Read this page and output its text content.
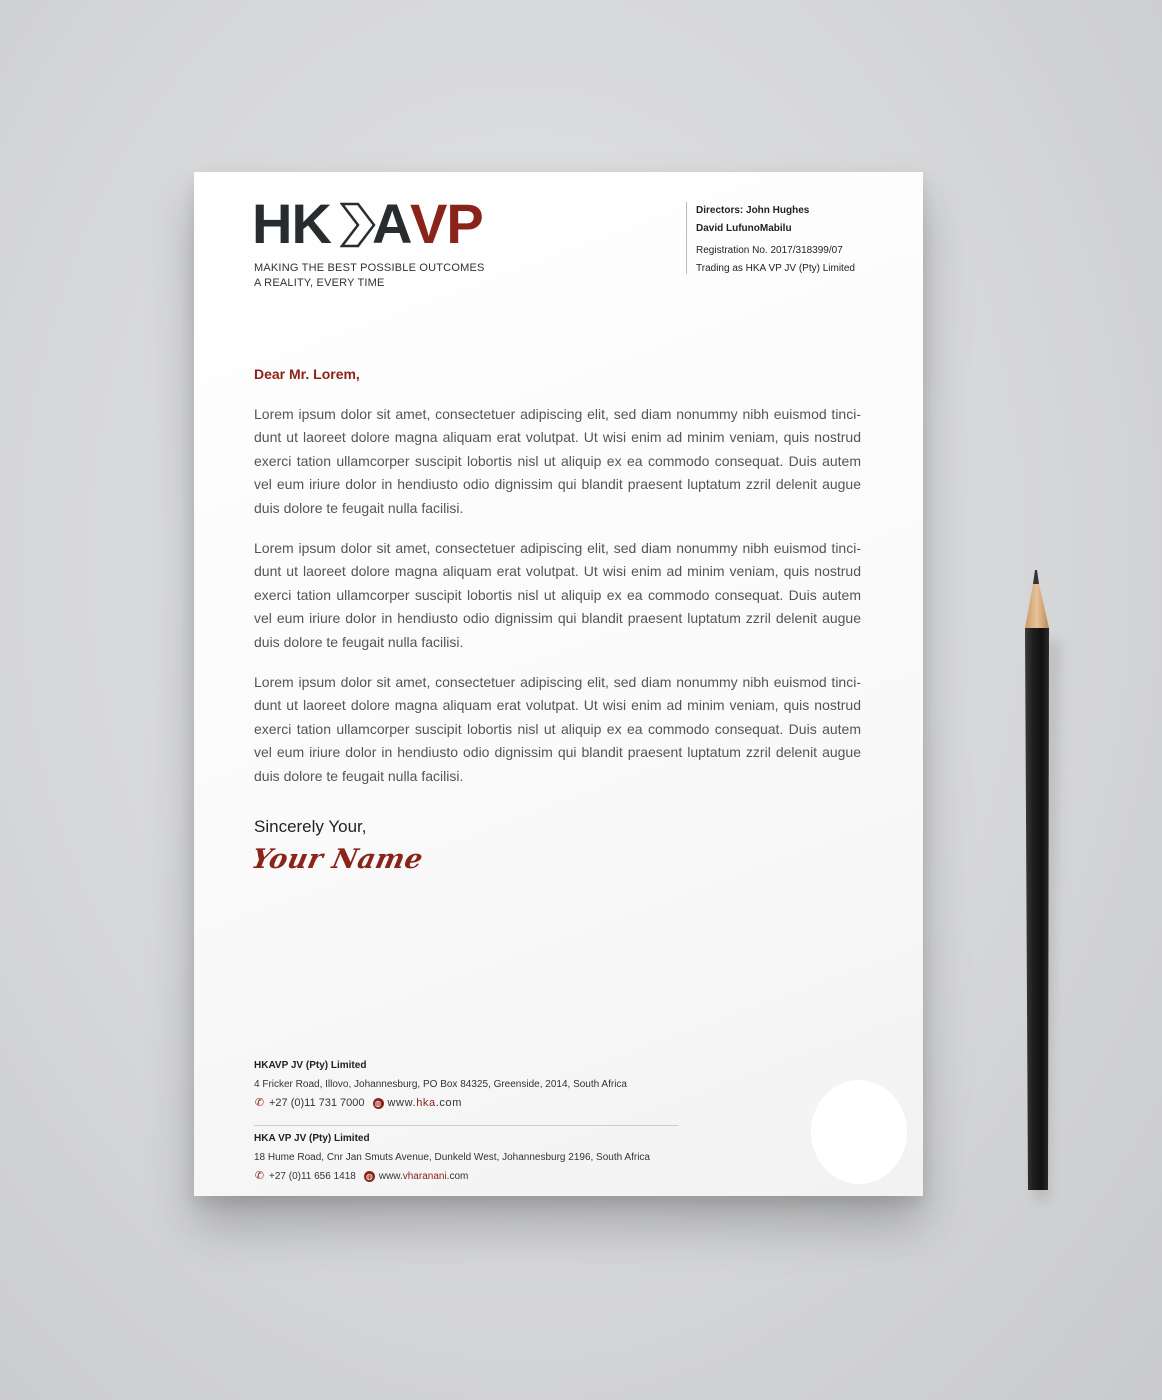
HK A
VP
MAKING THE BEST POSSIBLE OUTCOMES
A REALITY, EVERY TIME
Directors: John Hughes
David LufunoMabilu
Registration No. 2017/318399/07
Trading as HKA VP JV (Pty) Limited
Dear Mr. Lorem,

Lorem ipsum dolor sit amet, consectetuer adipiscing elit, sed diam nonummy nibh euismod tinci-dunt ut laoreet dolore magna aliquam erat volutpat. Ut wisi enim ad minim veniam, quis nostrud exerci tation ullamcorper suscipit lobortis nisl ut aliquip ex ea commodo consequat. Duis autem vel eum iriure dolor in hendiusto odio dignissim qui blandit praesent luptatum zzril delenit augue duis dolore te feugait nulla facilisi.

Lorem ipsum dolor sit amet, consectetuer adipiscing elit, sed diam nonummy nibh euismod tinci-dunt ut laoreet dolore magna aliquam erat volutpat. Ut wisi enim ad minim veniam, quis nostrud exerci tation ullamcorper suscipit lobortis nisl ut aliquip ex ea commodo consequat. Duis autem vel eum iriure dolor in hendiusto odio dignissim qui blandit praesent luptatum zzril delenit augue duis dolore te feugait nulla facilisi.

Lorem ipsum dolor sit amet, consectetuer adipiscing elit, sed diam nonummy nibh euismod tinci-dunt ut laoreet dolore magna aliquam erat volutpat. Ut wisi enim ad minim veniam, quis nostrud exerci tation ullamcorper suscipit lobortis nisl ut aliquip ex ea commodo consequat. Duis autem vel eum iriure dolor in hendiusto odio dignissim qui blandit praesent luptatum zzril delenit augue duis dolore te feugait nulla facilisi.

Sincerely Your,
Your Name
HKAVP JV (Pty) Limited
4 Fricker Road, Illovo, Johannesburg, PO Box 84325, Greenside, 2014, South Africa
✆ +27 (0)11 731 7000 ◍ www.hka.com
HKA VP JV (Pty) Limited
18 Hume Road, Cnr Jan Smuts Avenue, Dunkeld West, Johannesburg 2196, South Africa
✆ +27 (0)11 656 1418 ◍ www.vharanani.com
